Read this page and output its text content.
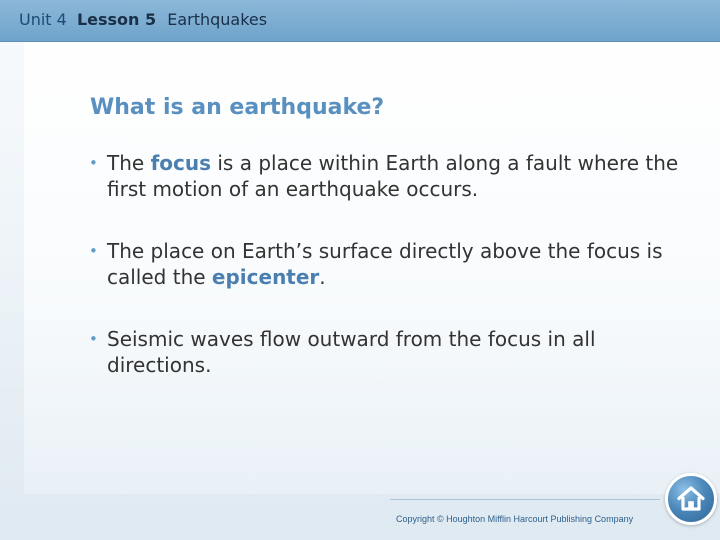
Unit 4 Lesson 5 Earthquakes
What is an earthquake?
• The focus is a place within Earth along a fault where the first motion of an earthquake occurs.
• The place on Earth’s surface directly above the focus is called the epicenter.
• Seismic waves flow outward from the focus in all directions.

Copyright © Houghton Mifflin Harcourt Publishing Company
